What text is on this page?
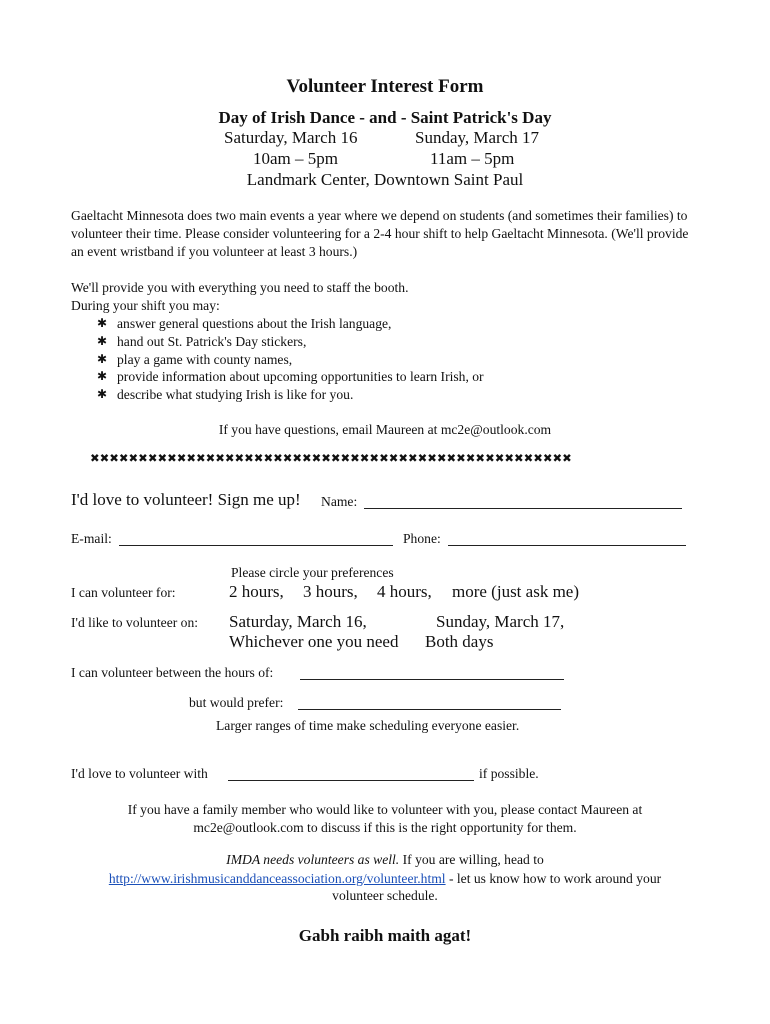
Volunteer Interest Form
Day of Irish Dance - and - Saint Patrick's Day
Saturday, March 16	Sunday, March 17
10am – 5pm	11am – 5pm
Landmark Center, Downtown Saint Paul
Gaeltacht Minnesota does two main events a year where we depend on students (and sometimes their families) to volunteer their time. Please consider volunteering for a 2-4 hour shift to help Gaeltacht Minnesota. (We'll provide an event wristband if you volunteer at least 3 hours.)
We'll provide you with everything you need to staff the booth.
During your shift you may:
✱ answer general questions about the Irish language,
✱ hand out St. Patrick's Day stickers,
✱ play a game with county names,
✱ provide information about upcoming opportunities to learn Irish, or
✱ describe what studying Irish is like for you.
If you have questions, email Maureen at mc2e@outlook.com
✖✖✖✖✖✖✖✖✖✖✖✖✖✖✖✖✖✖✖✖✖✖✖✖✖✖✖✖✖✖✖✖✖✖✖✖✖✖✖✖✖✖✖✖✖✖✖✖✖✖
I'd love to volunteer! Sign me up! Name:
E-mail:	Phone:
Please circle your preferences
I can volunteer for:	2 hours, 3 hours, 4 hours, more (just ask me)
I'd like to volunteer on: Saturday, March 16,	Sunday, March 17,
Whichever one you need Both days
I can volunteer between the hours of:
but would prefer:
Larger ranges of time make scheduling everyone easier.
I'd love to volunteer with	if possible.
If you have a family member who would like to volunteer with you, please contact Maureen at
mc2e@outlook.com to discuss if this is the right opportunity for them.
IMDA needs volunteers as well. If you are willing, head to
http://www.irishmusicanddanceassociation.org/volunteer.html - let us know how to work around your
volunteer schedule.
Gabh raibh maith agat!
